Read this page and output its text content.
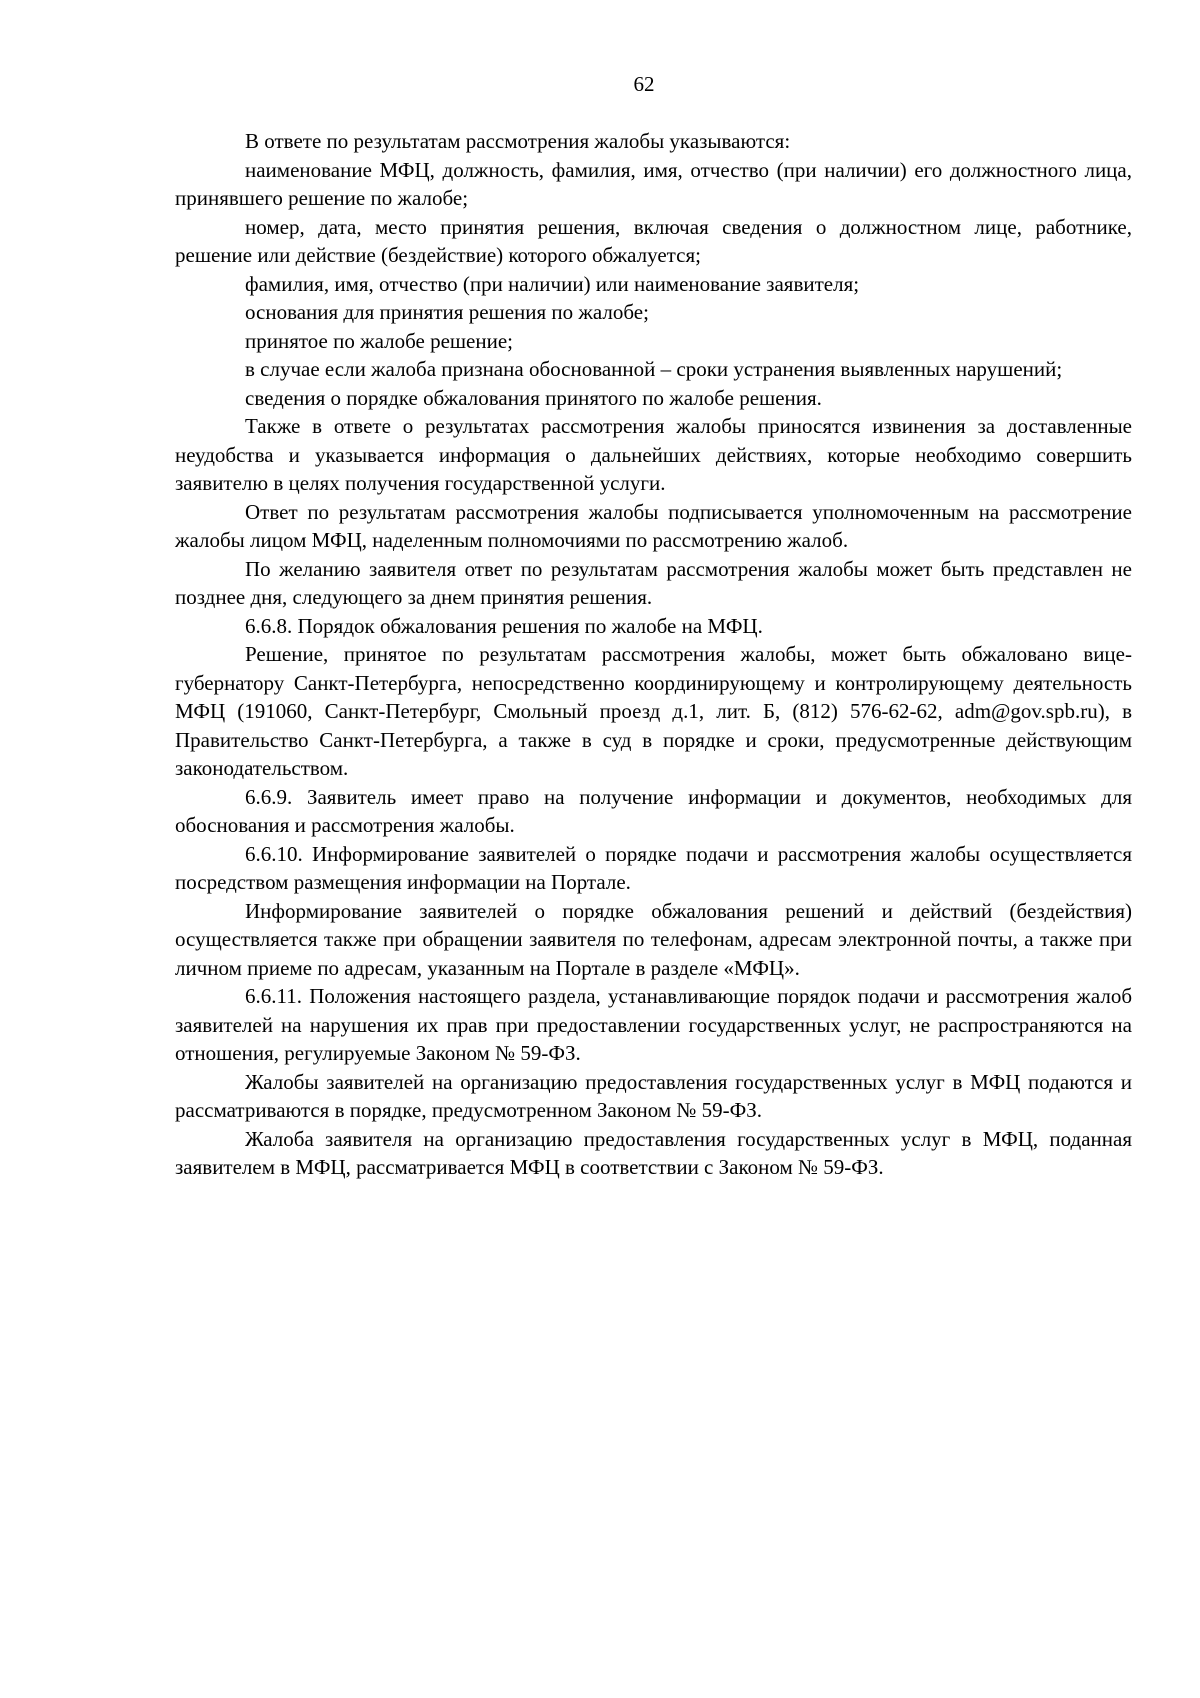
62

В ответе по результатам рассмотрения жалобы указываются:

наименование МФЦ, должность, фамилия, имя, отчество (при наличии) его должностного лица, принявшего решение по жалобе;

номер, дата, место принятия решения, включая сведения о должностном лице, работнике, решение или действие (бездействие) которого обжалуется;

фамилия, имя, отчество (при наличии) или наименование заявителя;

основания для принятия решения по жалобе;

принятое по жалобе решение;

в случае если жалоба признана обоснованной – сроки устранения выявленных нарушений;

сведения о порядке обжалования принятого по жалобе решения.

Также в ответе о результатах рассмотрения жалобы приносятся извинения за доставленные неудобства и указывается информация о дальнейших действиях, которые необходимо совершить заявителю в целях получения государственной услуги.

Ответ по результатам рассмотрения жалобы подписывается уполномоченным на рассмотрение жалобы лицом МФЦ, наделенным полномочиями по рассмотрению жалоб.

По желанию заявителя ответ по результатам рассмотрения жалобы может быть представлен не позднее дня, следующего за днем принятия решения.

6.6.8. Порядок обжалования решения по жалобе на МФЦ.

Решение, принятое по результатам рассмотрения жалобы, может быть обжаловано вице-губернатору Санкт-Петербурга, непосредственно координирующему и контролирующему деятельность МФЦ (191060, Санкт-Петербург, Смольный проезд д.1, лит. Б, (812) 576-62-62, adm@gov.spb.ru), в Правительство Санкт-Петербурга, а также в суд в порядке и сроки, предусмотренные действующим законодательством.

6.6.9. Заявитель имеет право на получение информации и документов, необходимых для обоснования и рассмотрения жалобы.

6.6.10. Информирование заявителей о порядке подачи и рассмотрения жалобы осуществляется посредством размещения информации на Портале.

Информирование заявителей о порядке обжалования решений и действий (бездействия) осуществляется также при обращении заявителя по телефонам, адресам электронной почты, а также при личном приеме по адресам, указанным на Портале в разделе «МФЦ».

6.6.11. Положения настоящего раздела, устанавливающие порядок подачи и рассмотрения жалоб заявителей на нарушения их прав при предоставлении государственных услуг, не распространяются на отношения, регулируемые Законом № 59-ФЗ.

Жалобы заявителей на организацию предоставления государственных услуг в МФЦ подаются и рассматриваются в порядке, предусмотренном Законом № 59-ФЗ.

Жалоба заявителя на организацию предоставления государственных услуг в МФЦ, поданная заявителем в МФЦ, рассматривается МФЦ в соответствии с Законом № 59-ФЗ.
